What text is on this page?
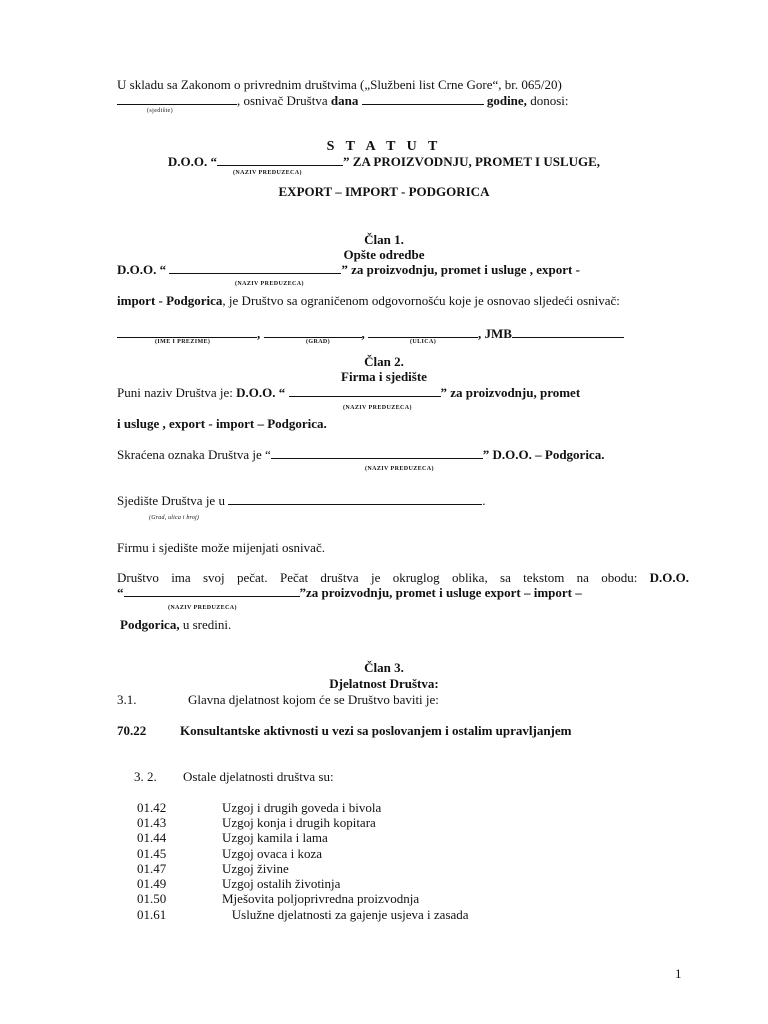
U skladu sa Zakonom o privrednim društvima („Službeni list Crne Gore“, br. 065/20)
, osnivač Društva dana	godine, donosi:
(sjedište)
S T A T U T
D.O.O. “	” ZA PROIZVODNJU, PROMET I USLUGE,
(NAZIV PREDUZECA)
EXPORT – IMPORT - PODGORICA
Član 1.
Opšte odredbe
D.O.O. “	” za proizvodnju, promet i usluge , export -
(NAZIV PREDUZECA)
import - Podgorica, je Društvo sa ograničenom odgovornošću koje je osnovao sljedeći osnivač:
,	,	, JMB
(IME I PREZIME)	(GRAD)	(ULICA)
Član 2.
Firma i sjedište
Puni naziv Društva je: D.O.O. “	” za proizvodnju, promet
(NAZIV PREDUZECA)
i usluge , export - import – Podgorica.
Skraćena oznaka Društva je “	” D.O.O. – Podgorica.
(NAZIV PREDUZECA)
Sjedište Društva je u	.
(Grad, ulica i broj)
Firmu i sjedište može mijenjati osnivač.
Društvo ima svoj pečat. Pečat društva je okruglog oblika, sa tekstom na obodu: D.O.O.
“	”za proizvodnju, promet i usluge export – import –
(NAZIV PREDUZECA)
Podgorica, u sredini.
Član 3.
Djelatnost Društva:
3.1.	Glavna djelatnost kojom će se Društvo baviti je:
70.22	Konsultantske aktivnosti u vezi sa poslovanjem i ostalim upravljanjem
3. 2. Ostale djelatnosti društva su:
01.42	Uzgoj i drugih goveda i bivola
01.43	Uzgoj konja i drugih kopitara
01.44	Uzgoj kamila i lama
01.45	Uzgoj ovaca i koza
01.47	Uzgoj živine
01.49	Uzgoj ostalih životinja
01.50	Mješovita poljoprivredna proizvodnja
01.61	Uslužne djelatnosti za gajenje usjeva i zasada
1
